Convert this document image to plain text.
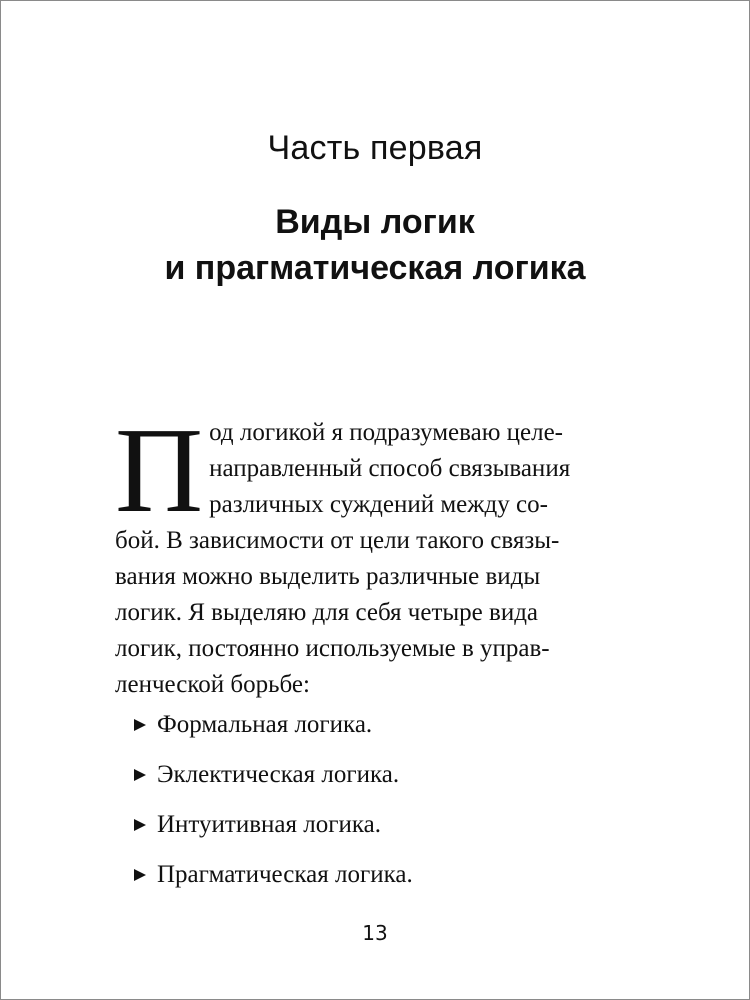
Часть первая
Виды логик
и прагматическая логика
П од логикой я подразумеваю целе-
направленный способ связывания
различных суждений между со-
бой. В зависимости от цели такого связы-
вания можно выделить различные виды
логик. Я выделяю для себя четыре вида
логик, постоянно используемые в управ-
ленческой борьбе:
Формальная логика.
Эклектическая логика.
Интуитивная логика.
Прагматическая логика.
13
